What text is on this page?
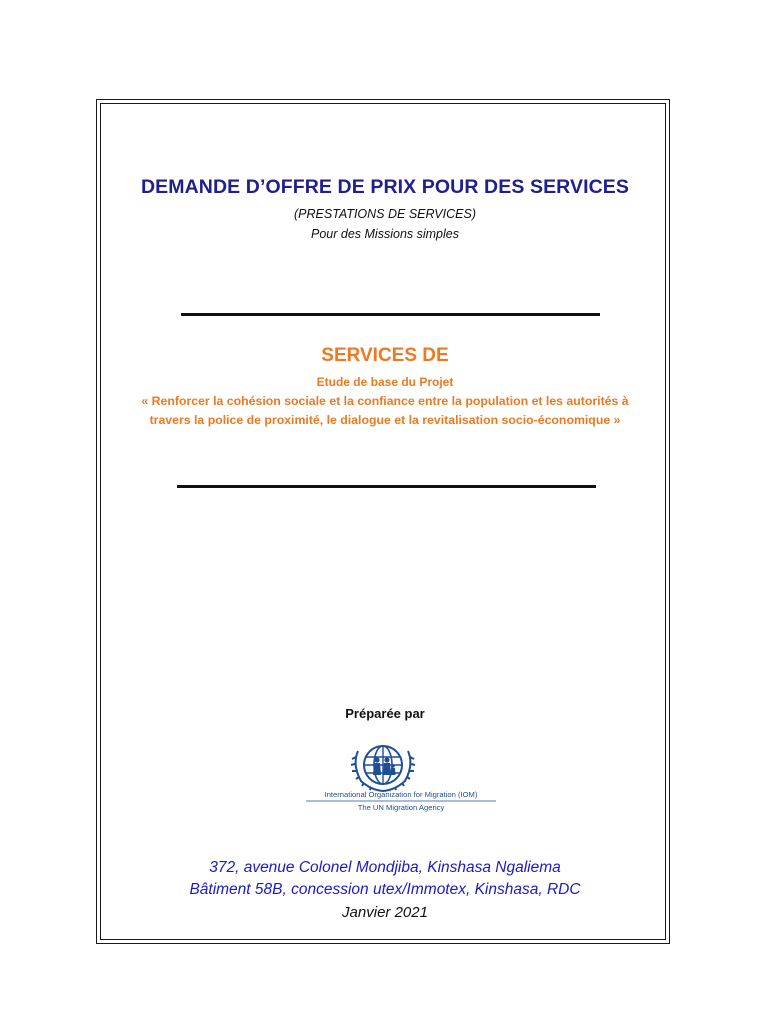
DEMANDE D’OFFRE DE PRIX POUR DES SERVICES
(PRESTATIONS DE SERVICES)
Pour des Missions simples
SERVICES DE
Etude de base du Projet
« Renforcer la cohésion sociale et la confiance entre la population et les autorités à
travers la police de proximité, le dialogue et la revitalisation socio-économique »
Préparée par
International Organization for Migration (IOM)
The UN Migration Agency
372, avenue Colonel Mondjiba, Kinshasa Ngaliema
Bâtiment 58B, concession utex/Immotex, Kinshasa, RDC
Janvier 2021
